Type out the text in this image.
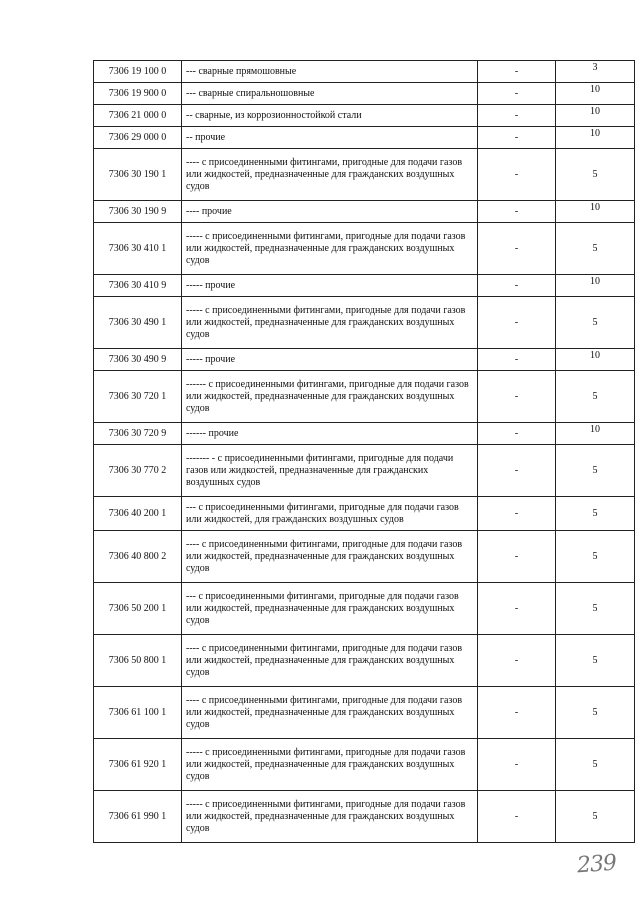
7306 19 100 0	--- сварные прямошовные	-	3
7306 19 900 0	--- сварные спиральношовные	-	10
7306 21 000 0	-- сварные, из коррозионностойкой стали	-	10
7306 29 000 0	-- прочие	-	10
7306 30 190 1	---- с присоединенными фитингами, пригодные для подачи газов или жидкостей, предназначенные для гражданских воздушных судов	-	5
7306 30 190 9	---- прочие	-	10
7306 30 410 1	----- с присоединенными фитингами, пригодные для подачи газов или жидкостей, предназначенные для гражданских воздушных судов	-	5
7306 30 410 9	----- прочие	-	10
7306 30 490 1	----- с присоединенными фитингами, пригодные для подачи газов или жидкостей, предназначенные для гражданских воздушных судов	-	5
7306 30 490 9	----- прочие	-	10
7306 30 720 1	------ с присоединенными фитингами, пригодные для подачи газов или жидкостей, предназначенные для гражданских воздушных судов	-	5
7306 30 720 9	------ прочие	-	10
7306 30 770 2	------- - с присоединенными фитингами, пригодные для подачи газов или жидкостей, предназначенные для гражданских воздушных судов	-	5
7306 40 200 1	--- с присоединенными фитингами, пригодные для подачи газов или жидкостей, для гражданских воздушных судов	-	5
7306 40 800 2	---- с присоединенными фитингами, пригодные для подачи газов или жидкостей, предназначенные для гражданских воздушных судов	-	5
7306 50 200 1	--- с присоединенными фитингами, пригодные для подачи газов или жидкостей, предназначенные для гражданских воздушных судов	-	5
7306 50 800 1	---- с присоединенными фитингами, пригодные для подачи газов или жидкостей, предназначенные для гражданских воздушных судов	-	5
7306 61 100 1	---- с присоединенными фитингами, пригодные для подачи газов или жидкостей, предназначенные для гражданских воздушных судов	-	5
7306 61 920 1	----- с присоединенными фитингами, пригодные для подачи газов или жидкостей, предназначенные для гражданских воздушных судов	-	5
7306 61 990 1	----- с присоединенными фитингами, пригодные для подачи газов или жидкостей, предназначенные для гражданских воздушных судов	-	5
239
